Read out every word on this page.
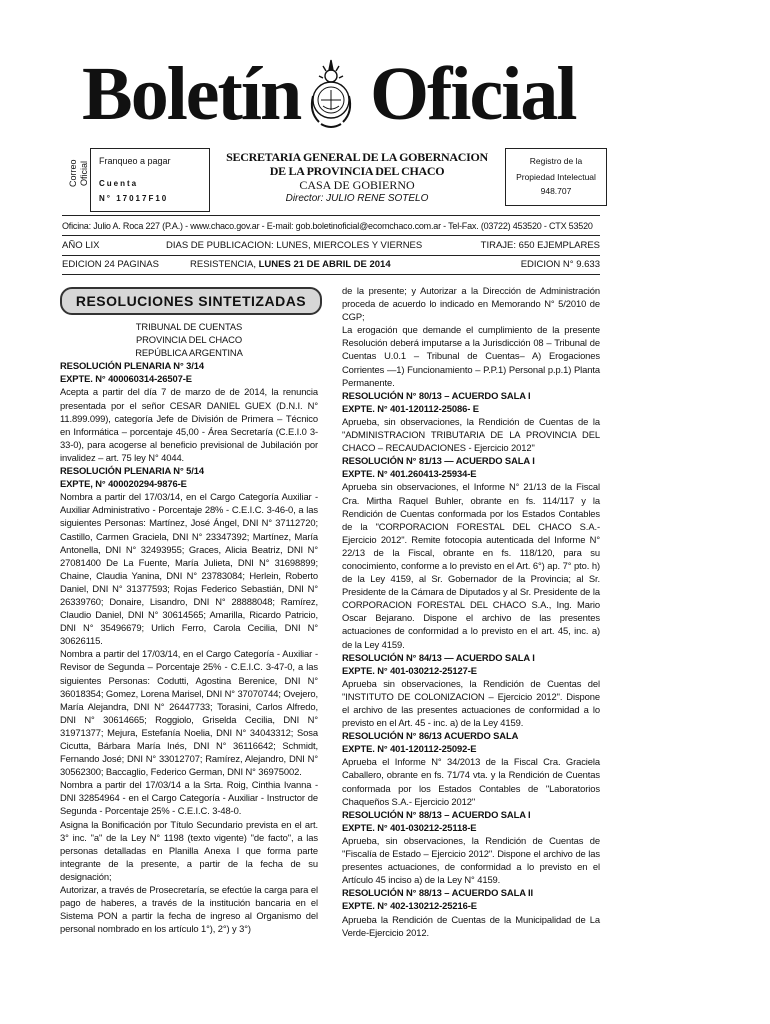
Boletín Oficial
Correo Oficial	Franqueo a pagar
Cuenta
N° 17017F10
SECRETARIA GENERAL DE LA GOBERNACION
DE LA PROVINCIA DEL CHACO
CASA DE GOBIERNO
Director: JULIO RENE SOTELO
Registro de la
Propiedad Intelectual
948.707
Oficina: Julio A. Roca 227 (P.A.) - www.chaco.gov.ar - E-mail: gob.boletinoficial@ecomchaco.com.ar - Tel-Fax. (03722) 453520 - CTX 53520
AÑO LIX	DIAS DE PUBLICACION: LUNES, MIERCOLES Y VIERNES	TIRAJE: 650 EJEMPLARES
EDICION 24 PAGINAS	RESISTENCIA, LUNES 21 DE ABRIL DE 2014	EDICION N° 9.633
RESOLUCIONES SINTETIZADAS

TRIBUNAL DE CUENTAS

PROVINCIA DEL CHACO

REPÚBLICA ARGENTINA

RESOLUCIÓN PLENARIA N° 3/14

EXPTE. N° 400060314-26507-E

Acepta a partir del día 7 de marzo de de 2014, la renuncia presentada por el señor CESAR DANIEL GUEX (D.N.I. N° 11.899.099), categoría Jefe de División de Primera – Técnico en Informática – porcentaje 45,00 - Área Secretaría (C.E.I.0 3-33-0), para acogerse al beneficio previsional de Jubilación por invalidez – art. 75 ley N° 4044.

RESOLUCIÓN PLENARIA N° 5/14

EXPTE, N° 400020294-9876-E

Nombra a partir del 17/03/14, en el Cargo Categoría Auxiliar - Auxiliar Administrativo - Porcentaje 28% - C.E.I.C. 3-46-0, a las siguientes Personas: Martínez, José Ángel, DNI N° 37112720; Castillo, Carmen Graciela, DNI N° 23347392; Martínez, María Antonella, DNI N° 32493955; Graces, Alicia Beatriz, DNI N° 27081400 De La Fuente, María Julieta, DNI N° 31698899; Chaine, Claudia Yanina, DNI N° 23783084; Herlein, Roberto Daniel, DNI N° 31377593; Rojas Federico Sebastián, DNI N° 26339760; Donaire, Lisandro, DNI N° 28888048; Ramírez, Claudio Daniel, DNI N° 30614565; Amarilla, Ricardo Patricio, DNI N° 35496679; Urlich Ferro, Carola Cecilia, DNI N° 30626115.

Nombra a partir del 17/03/14, en el Cargo Categoría - Auxiliar - Revisor de Segunda – Porcentaje 25% - C.E.I.C. 3-47-0, a las siguientes Personas: Codutti, Agostina Berenice, DNI N° 36018354; Gomez, Lorena Marisel, DNI N° 37070744; Ovejero, María Alejandra, DNI N° 26447733; Torasini, Carlos Alfredo, DNI N° 30614665; Roggiolo, Griselda Cecilia, DNI N° 31971377; Mejura, Estefanía Noelia, DNI N° 34043312; Sosa Cicutta, Bárbara María Inés, DNI N° 36116642; Schmidt, Fernando José; DNI N° 33012707; Ramírez, Alejandro, DNI N° 30562300; Baccaglio, Federico German, DNI N° 36975002.

Nombra a partir del 17/03/14 a la Srta. Roig, Cinthia Ivanna - DNI 32854964 - en el Cargo Categoría - Auxiliar - Instructor de Segunda - Porcentaje 25% - C.E.I.C. 3-48-0.

Asigna la Bonificación por Título Secundario prevista en el art. 3° inc. "a" de la Ley N° 1198 (texto vigente) "de facto", a las personas detalladas en Planilla Anexa I que forma parte integrante de la presente, a partir de la fecha de su designación;

Autorizar, a través de Prosecretaría, se efectúe la carga para el pago de haberes, a través de la institución bancaria en el Sistema PON a partir la fecha de ingreso al Organismo del personal nombrado en los artículo 1°), 2°) y 3°)

de la presente; y Autorizar a la Dirección de Administración proceda de acuerdo lo indicado en Memorando N° 5/2010 de CGP;

La erogación que demande el cumplimiento de la presente Resolución deberá imputarse a la Jurisdicción 08 – Tribunal de Cuentas U.0.1 – Tribunal de Cuentas– A) Erogaciones Corrientes —1) Funcionamiento – P.P.1) Personal p.p.1) Planta Permanente.

RESOLUCIÓN N° 80/13 – ACUERDO SALA I

EXPTE. N° 401-120112-25086- E

Aprueba, sin observaciones, la Rendición de Cuentas de la "ADMINISTRACION TRIBUTARIA DE LA PROVINCIA DEL CHACO – RECAUDACIONES - Ejercicio 2012"

RESOLUCIÓN N° 81/13 — ACUERDO SALA I

EXPTE. N° 401.260413-25934-E

Aprueba sin observaciones, el Informe N° 21/13 de la Fiscal Cra. Mirtha Raquel Buhler, obrante en fs. 114/117 y la Rendición de Cuentas conformada por los Estados Contables de la "CORPORACION FORESTAL DEL CHACO S.A.- Ejercicio 2012". Remite fotocopia autenticada del Informe N° 22/13 de la Fiscal, obrante en fs. 118/120, para su conocimiento, conforme a lo previsto en el Art. 6°) ap. 7° pto. h) de la Ley 4159, al Sr. Gobernador de la Provincia; al Sr. Presidente de la Cámara de Diputados y al Sr. Presidente de la CORPORACION FORESTAL DEL CHACO S.A., Ing. Mario Oscar Bejarano. Dispone el archivo de las presentes actuaciones de conformidad a lo previsto en el art. 45, inc. a) de la Ley 4159.

RESOLUCIÓN N° 84/13 — ACUERDO SALA I

EXPTE. N° 401-030212-25127-E

Aprueba sin observaciones, la Rendición de Cuentas del "INSTITUTO DE COLONIZACION – Ejercicio 2012". Dispone el archivo de las presentes actuaciones de conformidad a lo previsto en el Art. 45 - inc. a) de la Ley 4159.

RESOLUCIÓN N° 86/13 ACUERDO SALA

EXPTE. N° 401-120112-25092-E

Aprueba el Informe N° 34/2013 de la Fiscal Cra. Graciela Caballero, obrante en fs. 71/74 vta. y la Rendición de Cuentas conformada por los Estados Contables de "Laboratorios Chaqueños S.A.- Ejercicio 2012"

RESOLUCIÓN N° 88/13 – ACUERDO SALA I

EXPTE. N° 401-030212-25118-E

Aprueba, sin observaciones, la Rendición de Cuentas de "Fiscalía de Estado – Ejercicio 2012". Dispone el archivo de las presentes actuaciones, de conformidad a lo previsto en el Artículo 45 inciso a) de la Ley N° 4159.

RESOLUCIÓN N° 88/13 – ACUERDO SALA II

EXPTE. N° 402-130212-25216-E

Aprueba la Rendición de Cuentas de la Municipalidad de La Verde-Ejercicio 2012.
